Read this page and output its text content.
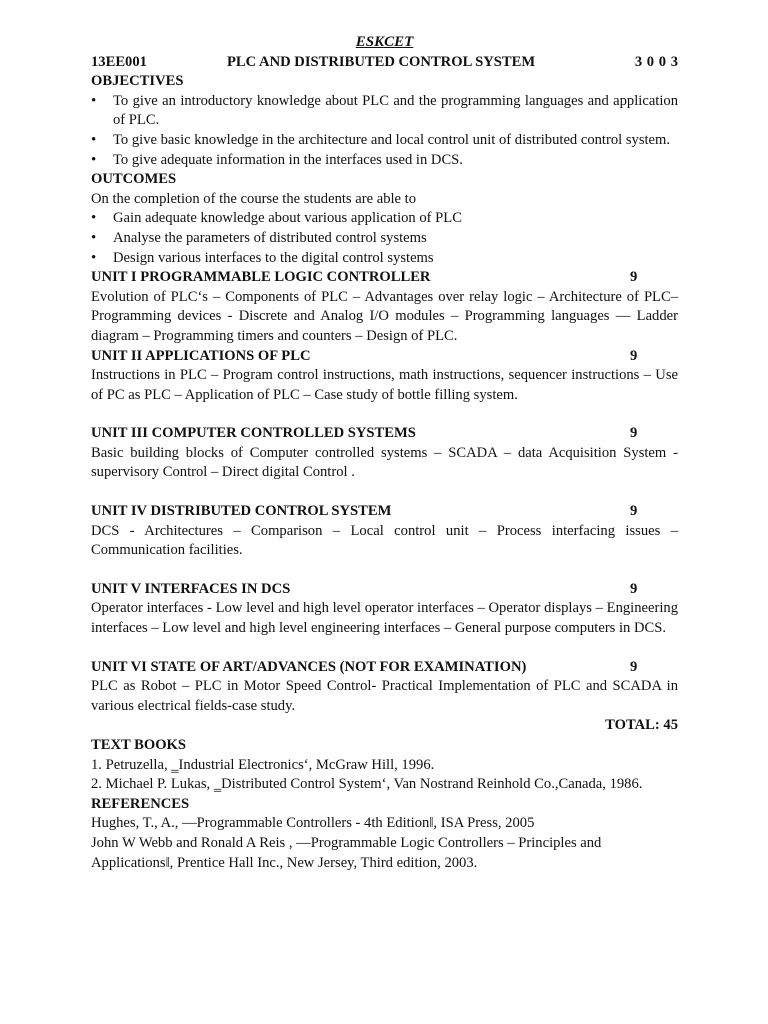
ESKCET
13EE001	PLC AND DISTRIBUTED CONTROL SYSTEM	3 0 0 3
OBJECTIVES
• To give an introductory knowledge about PLC and the programming languages and application of PLC.
• To give basic knowledge in the architecture and local control unit of distributed control system.
• To give adequate information in the interfaces used in DCS.
OUTCOMES

On the completion of the course the students are able to

• Gain adequate knowledge about various application of PLC
• Analyse the parameters of distributed control systems
• Design various interfaces to the digital control systems
UNIT I PROGRAMMABLE LOGIC CONTROLLER	9

Evolution of PLC‘s – Components of PLC – Advantages over relay logic – Architecture of PLC– Programming devices - Discrete and Analog I/O modules – Programming languages –– Ladder diagram – Programming timers and counters – Design of PLC.

UNIT II APPLICATIONS OF PLC	9

Instructions in PLC – Program control instructions, math instructions, sequencer instructions – Use of PC as PLC – Application of PLC – Case study of bottle filling system.

UNIT III COMPUTER CONTROLLED SYSTEMS	9

Basic building blocks of Computer controlled systems – SCADA – data Acquisition System - supervisory Control – Direct digital Control .

UNIT IV DISTRIBUTED CONTROL SYSTEM	9

DCS - Architectures – Comparison – Local control unit – Process interfacing issues – Communication facilities.

UNIT V INTERFACES IN DCS	9

Operator interfaces - Low level and high level operator interfaces – Operator displays – Engineering interfaces – Low level and high level engineering interfaces – General purpose computers in DCS.

UNIT VI STATE OF ART/ADVANCES (NOT FOR EXAMINATION)	9

PLC as Robot – PLC in Motor Speed Control- Practical Implementation of PLC and SCADA in various electrical fields-case study.

TOTAL: 45
TEXT BOOKS

1. Petruzella, ‗Industrial Electronics‘, McGraw Hill, 1996.

2. Michael P. Lukas, ‗Distributed Control System‘, Van Nostrand Reinhold Co.,Canada, 1986.

REFERENCES

Hughes, T., A., ―Programmable Controllers - 4th Edition‖, ISA Press, 2005

John W Webb and Ronald A Reis , ―Programmable Logic Controllers – Principles and Applications‖, Prentice Hall Inc., New Jersey, Third edition, 2003.
